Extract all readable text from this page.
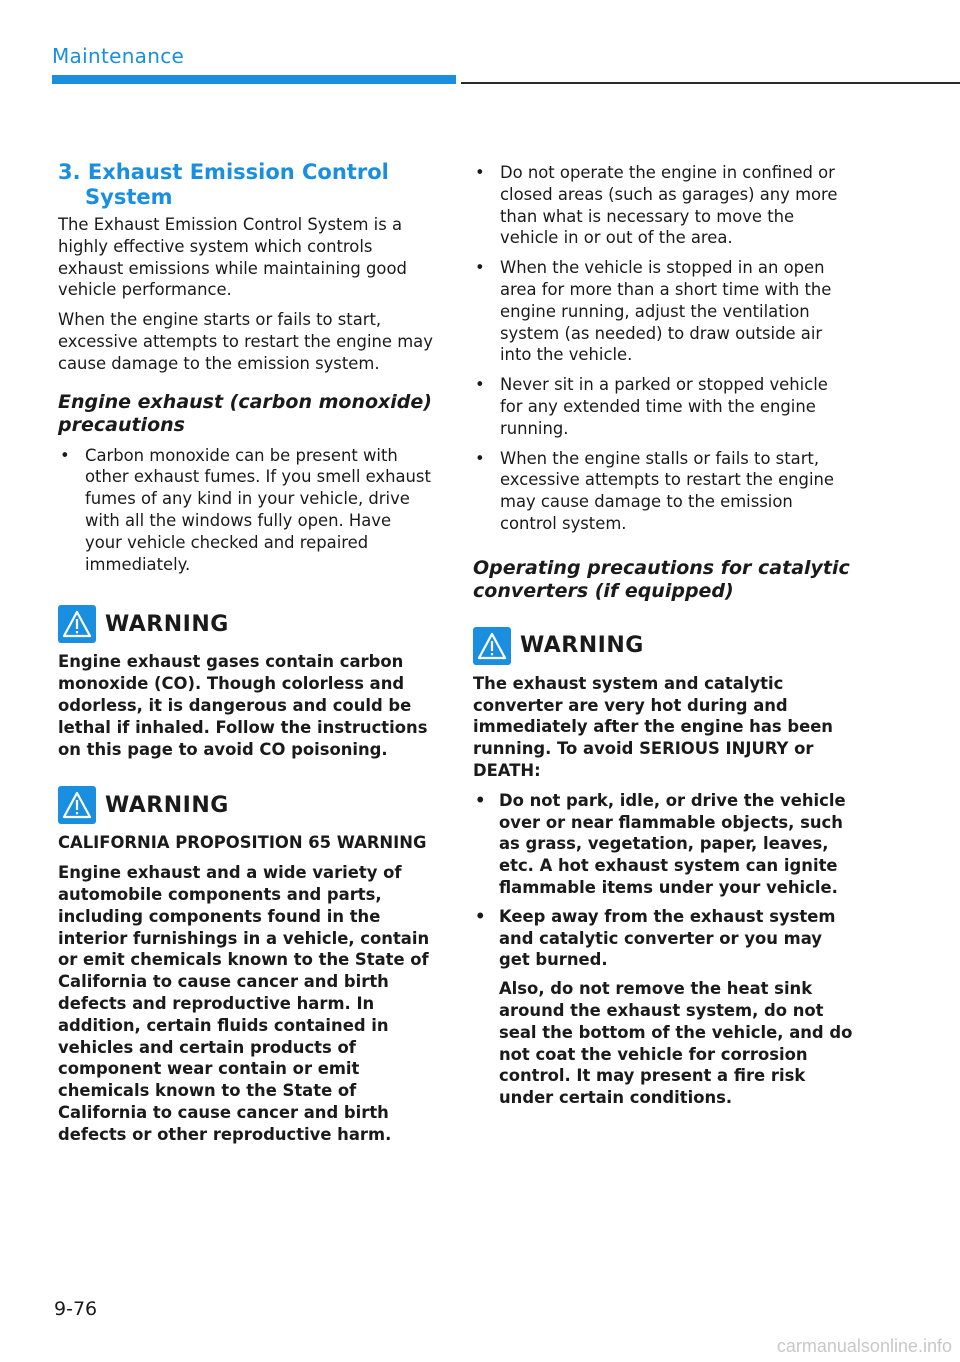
Maintenance
3. Exhaust Emission Control System

The Exhaust Emission Control System is a highly effective system which controls exhaust emissions while maintaining good vehicle performance.

When the engine starts or fails to start, excessive attempts to restart the engine may cause damage to the emission system.

Engine exhaust (carbon monoxide) precautions
• Carbon monoxide can be present with other exhaust fumes. If you smell exhaust fumes of any kind in your vehicle, drive with all the windows fully open. Have your vehicle checked and repaired immediately.
WARNING

Engine exhaust gases contain carbon monoxide (CO). Though colorless and odorless, it is dangerous and could be lethal if inhaled. Follow the instructions on this page to avoid CO poisoning.

WARNING

CALIFORNIA PROPOSITION 65 WARNING

Engine exhaust and a wide variety of automobile components and parts, including components found in the interior furnishings in a vehicle, contain or emit chemicals known to the State of California to cause cancer and birth defects and reproductive harm. In addition, certain fluids contained in vehicles and certain products of component wear contain or emit chemicals known to the State of California to cause cancer and birth defects or other reproductive harm.

• Do not operate the engine in confined or closed areas (such as garages) any more than what is necessary to move the vehicle in or out of the area.
• When the vehicle is stopped in an open area for more than a short time with the engine running, adjust the ventilation system (as needed) to draw outside air into the vehicle.
• Never sit in a parked or stopped vehicle for any extended time with the engine running.
• When the engine stalls or fails to start, excessive attempts to restart the engine may cause damage to the emission control system.
Operating precautions for catalytic converters (if equipped)
WARNING

The exhaust system and catalytic converter are very hot during and immediately after the engine has been running. To avoid SERIOUS INJURY or DEATH:

• Do not park, idle, or drive the vehicle over or near flammable objects, such as grass, vegetation, paper, leaves, etc. A hot exhaust system can ignite flammable items under your vehicle.
• Keep away from the exhaust system and catalytic converter or you may get burned.

Also, do not remove the heat sink around the exhaust system, do not seal the bottom of the vehicle, and do not coat the vehicle for corrosion control. It may present a fire risk under certain conditions.

9-76
carmanualsonline.info
